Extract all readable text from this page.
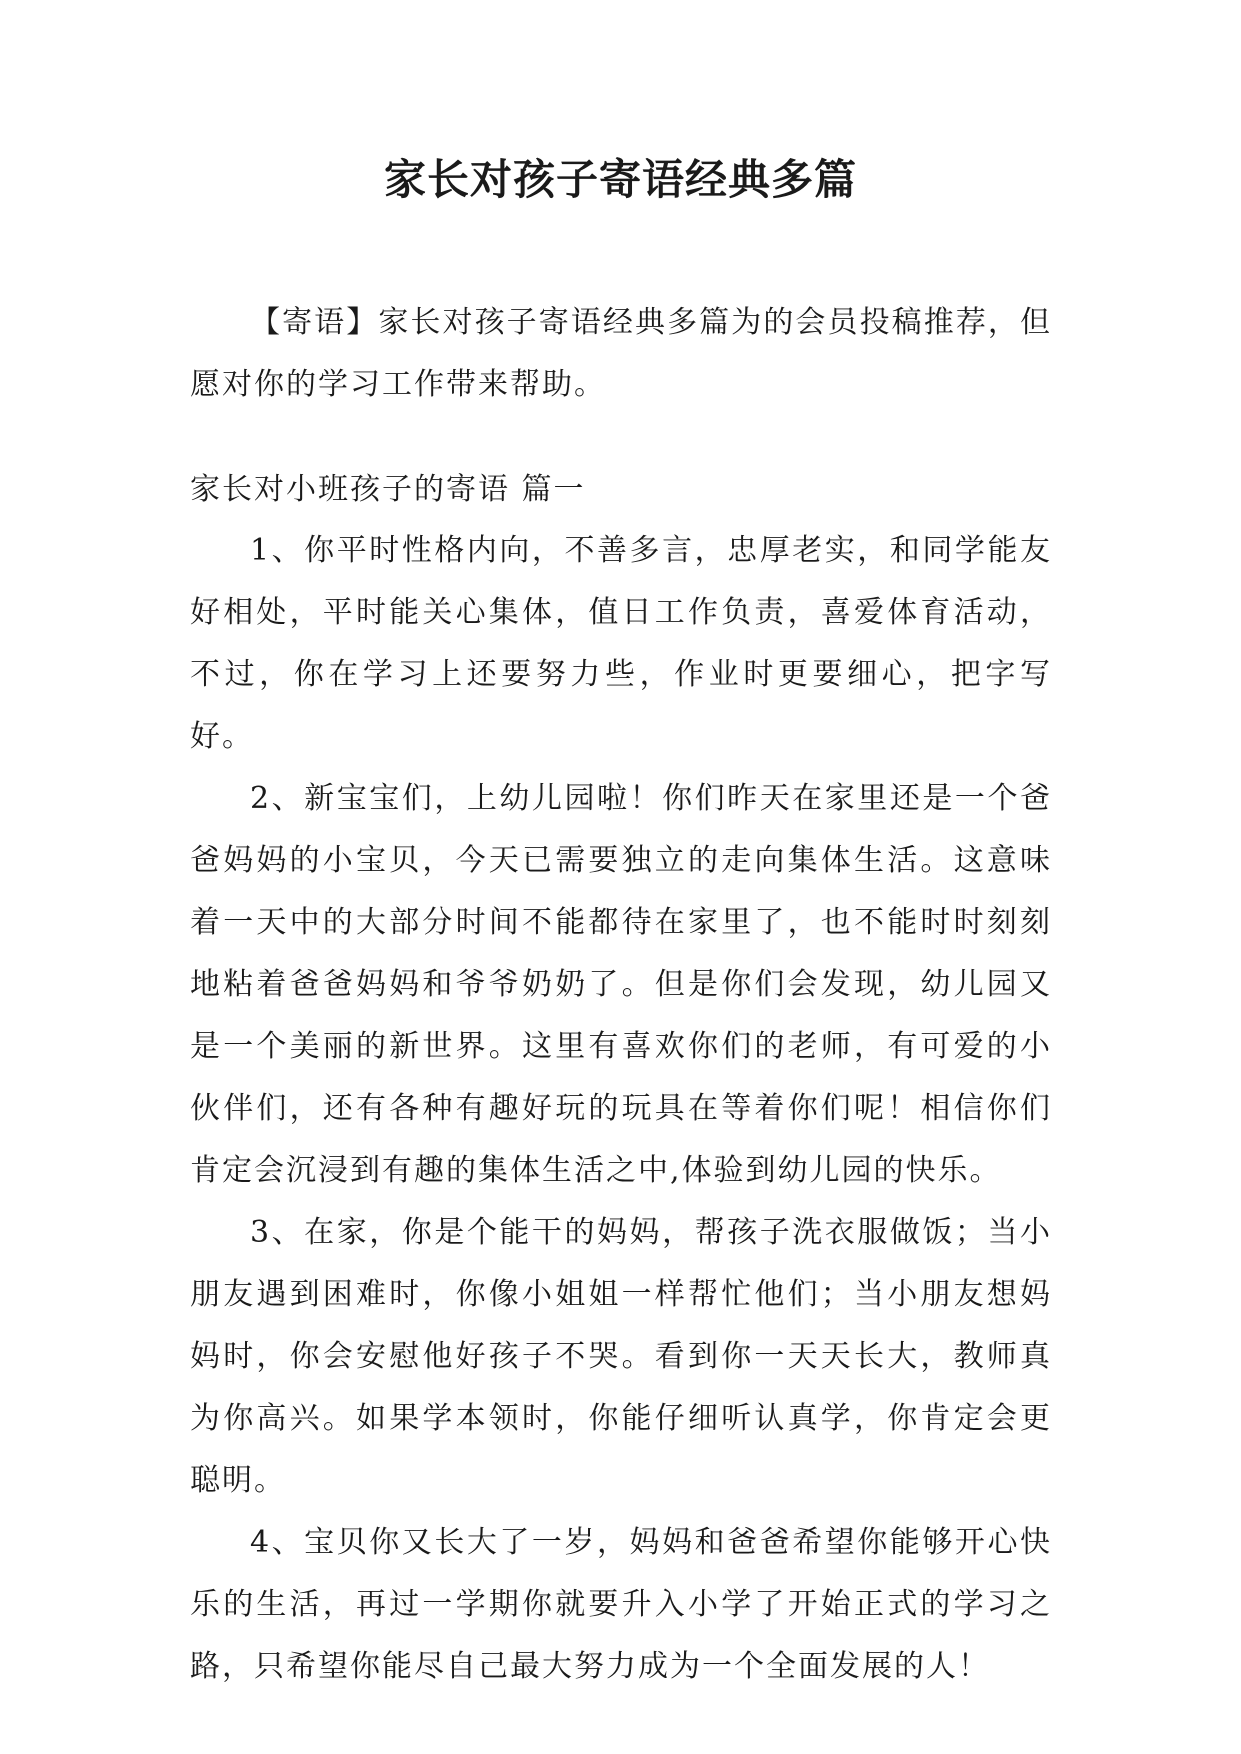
家长对孩子寄语经典多篇

【寄语】家长对孩子寄语经典多篇为的会员投稿推荐，但愿对你的学习工作带来帮助。

家长对小班孩子的寄语 篇一

1、你平时性格内向，不善多言，忠厚老实，和同学能友好相处，平时能关心集体，值日工作负责，喜爱体育活动，不过，你在学习上还要努力些，作业时更要细心，把字写好。

2、新宝宝们，上幼儿园啦！你们昨天在家里还是一个爸爸妈妈的小宝贝，今天已需要独立的走向集体生活。这意味着一天中的大部分时间不能都待在家里了，也不能时时刻刻地粘着爸爸妈妈和爷爷奶奶了。但是你们会发现，幼儿园又是一个美丽的新世界。这里有喜欢你们的老师，有可爱的小伙伴们，还有各种有趣好玩的玩具在等着你们呢！相信你们肯定会沉浸到有趣的集体生活之中,体验到幼儿园的快乐。

3、在家，你是个能干的妈妈，帮孩子洗衣服做饭；当小朋友遇到困难时，你像小姐姐一样帮忙他们；当小朋友想妈妈时，你会安慰他好孩子不哭。看到你一天天长大，教师真为你高兴。如果学本领时，你能仔细听认真学，你肯定会更聪明。

4、宝贝你又长大了一岁，妈妈和爸爸希望你能够开心快乐的生活，再过一学期你就要升入小学了开始正式的学习之路，只希望你能尽自己最大努力成为一个全面发展的人！
